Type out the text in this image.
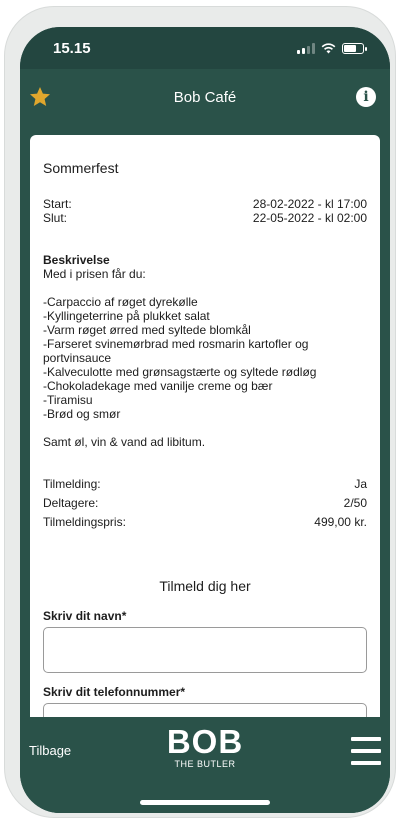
15.15
Bob Café	i
Sommerfest
Start:	28-02-2022 - kl 17:00
Slut:	22-05-2022 - kl 02:00
Beskrivelse
Med i prisen får du:
-Carpaccio af røget dyrekølle
-Kyllingeterrine på plukket salat
-Varm røget ørred med syltede blomkål
-Farseret svinemørbrad med rosmarin kartofler og
portvinsauce
-Kalveculotte med grønsagstærte og syltede rødløg
-Chokoladekage med vanilje creme og bær
-Tiramisu
-Brød og smør
Samt øl, vin & vand ad libitum.
Tilmelding:	Ja
Deltagere:	2/50
Tilmeldingspris:	499,00 kr.
Tilmeld dig her
Skriv dit navn*
Skriv dit telefonnummer*
Tilbage	BOB
THE BUTLER
